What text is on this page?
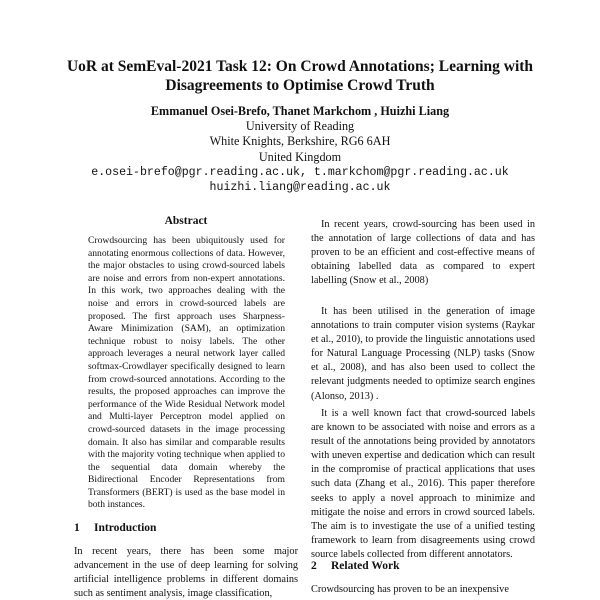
UoR at SemEval-2021 Task 12: On Crowd Annotations; Learning with
Disagreements to Optimise Crowd Truth
Emmanuel Osei-Brefo, Thanet Markchom , Huizhi Liang
University of Reading
White Knights, Berkshire, RG6 6AH
United Kingdom
e.osei-brefo@pgr.reading.ac.uk, t.markchom@pgr.reading.ac.uk
huizhi.liang@reading.ac.uk
Abstract

Crowdsourcing has been ubiquitously used for annotating enormous collections of data. However, the major obstacles to using crowd-sourced labels are noise and errors from non-expert annotations. In this work, two approaches dealing with the noise and errors in crowd-sourced labels are proposed. The first approach uses Sharpness-Aware Minimization (SAM), an optimization technique robust to noisy labels. The other approach leverages a neural network layer called softmax-Crowdlayer specifically designed to learn from crowd-sourced annotations. According to the results, the proposed approaches can improve the performance of the Wide Residual Network model and Multi-layer Perceptron model applied on crowd-sourced datasets in the image processing domain. It also has similar and comparable results with the majority voting technique when applied to the sequential data domain whereby the Bidirectional Encoder Representations from Transformers (BERT) is used as the base model in both instances.

1 Introduction

In recent years, there has been some major advancement in the use of deep learning for solving artificial intelligence problems in different domains such as sentiment analysis, image classification,

In recent years, crowd-sourcing has been used in the annotation of large collections of data and has proven to be an efficient and cost-effective means of obtaining labelled data as compared to expert labelling (Snow et al., 2008)

It has been utilised in the generation of image annotations to train computer vision systems (Raykar et al., 2010), to provide the linguistic annotations used for Natural Language Processing (NLP) tasks (Snow et al., 2008), and has also been used to collect the relevant judgments needed to optimize search engines (Alonso, 2013) .

It is a well known fact that crowd-sourced labels are known to be associated with noise and errors as a result of the annotations being provided by annotators with uneven expertise and dedication which can result in the compromise of practical applications that uses such data (Zhang et al., 2016). This paper therefore seeks to apply a novel approach to minimize and mitigate the noise and errors in crowd sourced labels. The aim is to investigate the use of a unified testing framework to learn from disagreements using crowd source labels collected from different annotators.

2 Related Work

Crowdsourcing has proven to be an inexpensive
